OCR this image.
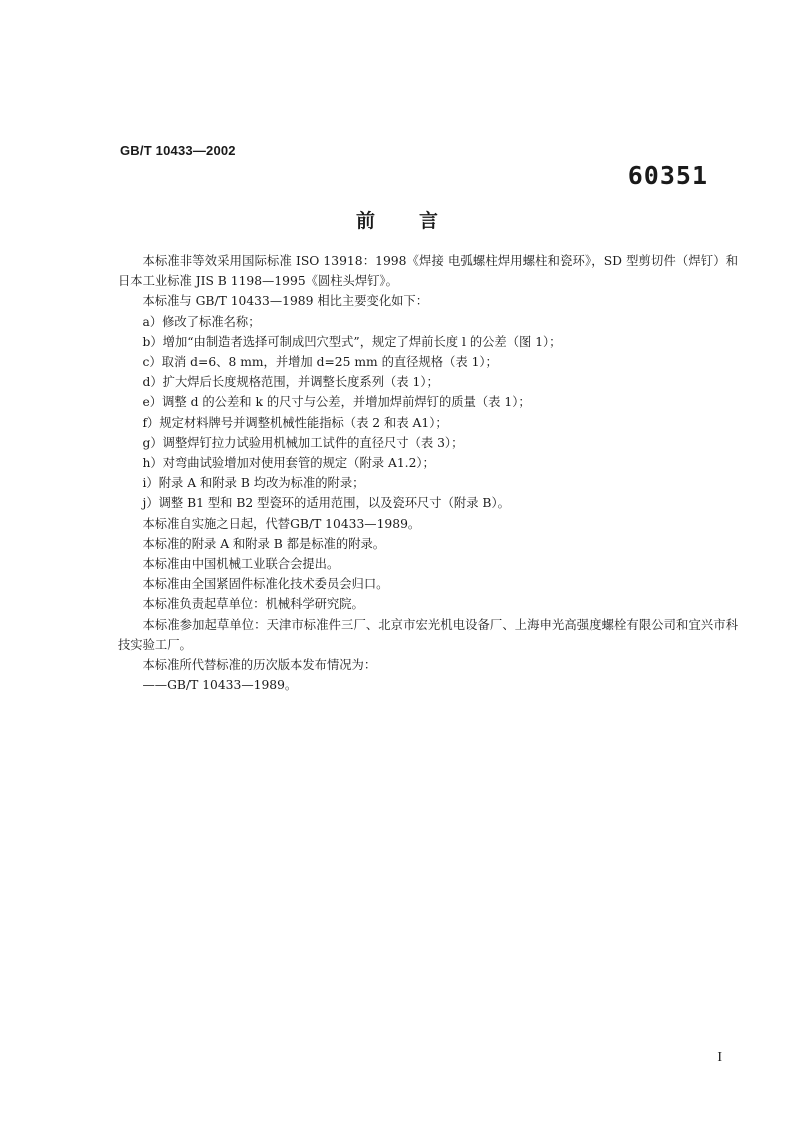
GB/T 10433—2002
60351
前言

本标准非等效采用国际标准 ISO 13918：1998《焊接 电弧螺柱焊用螺柱和瓷环》，SD 型剪切件（焊钉）和日本工业标准 JIS B 1198—1995《圆柱头焊钉》。

本标准与 GB/T 10433—1989 相比主要变化如下：

a）修改了标准名称；

b）增加“由制造者选择可制成凹穴型式”，规定了焊前长度 l 的公差（图 1）；

c）取消 d=6、8 mm，并增加 d=25 mm 的直径规格（表 1）；

d）扩大焊后长度规格范围，并调整长度系列（表 1）；

e）调整 d 的公差和 k 的尺寸与公差，并增加焊前焊钉的质量（表 1）；

f）规定材料牌号并调整机械性能指标（表 2 和表 A1）；

g）调整焊钉拉力试验用机械加工试件的直径尺寸（表 3）；

h）对弯曲试验增加对使用套管的规定（附录 A1.2）；

i）附录 A 和附录 B 均改为标准的附录；

j）调整 B1 型和 B2 型瓷环的适用范围，以及瓷环尺寸（附录 B）。

本标准自实施之日起，代替GB/T 10433—1989。

本标准的附录 A 和附录 B 都是标准的附录。

本标准由中国机械工业联合会提出。

本标准由全国紧固件标准化技术委员会归口。

本标准负责起草单位：机械科学研究院。

本标准参加起草单位：天津市标准件三厂、北京市宏光机电设备厂、上海申光高强度螺栓有限公司和宜兴市科技实验工厂。

本标准所代替标准的历次版本发布情况为：

——GB/T 10433—1989。

I
